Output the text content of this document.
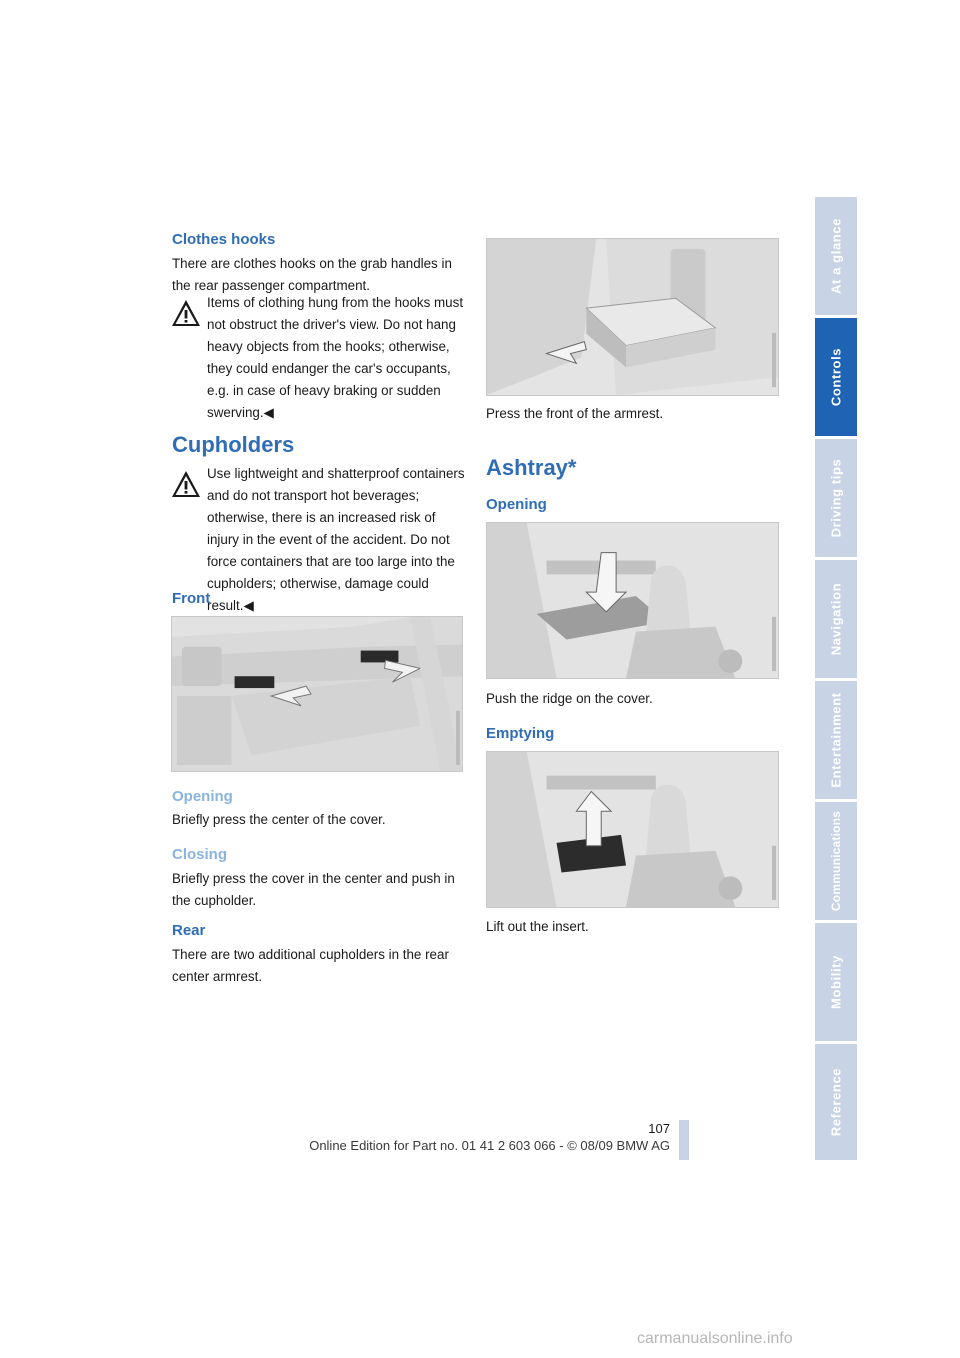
At a glance
Controls
Driving tips
Navigation
Entertainment
Communications
Mobility
Reference
Clothes hooks
There are clothes hooks on the grab handles in the rear passenger compartment.
Items of clothing hung from the hooks must not obstruct the driver's view. Do not hang heavy objects from the hooks; otherwise, they could endanger the car's occupants, e.g. in case of heavy braking or sudden swerving.◀
Cupholders
Use lightweight and shatterproof containers and do not transport hot beverages; otherwise, there is an increased risk of injury in the event of the accident. Do not force containers that are too large into the cupholders; otherwise, damage could result.◀
Front
Opening
Briefly press the center of the cover.
Closing
Briefly press the cover in the center and push in the cupholder.
Rear
There are two additional cupholders in the rear center armrest.
Press the front of the armrest.
Ashtray*
Opening
Push the ridge on the cover.
Emptying
Lift out the insert.
107
Online Edition for Part no. 01 41 2 603 066 - © 08/09 BMW AG
carmanualsonline.info
